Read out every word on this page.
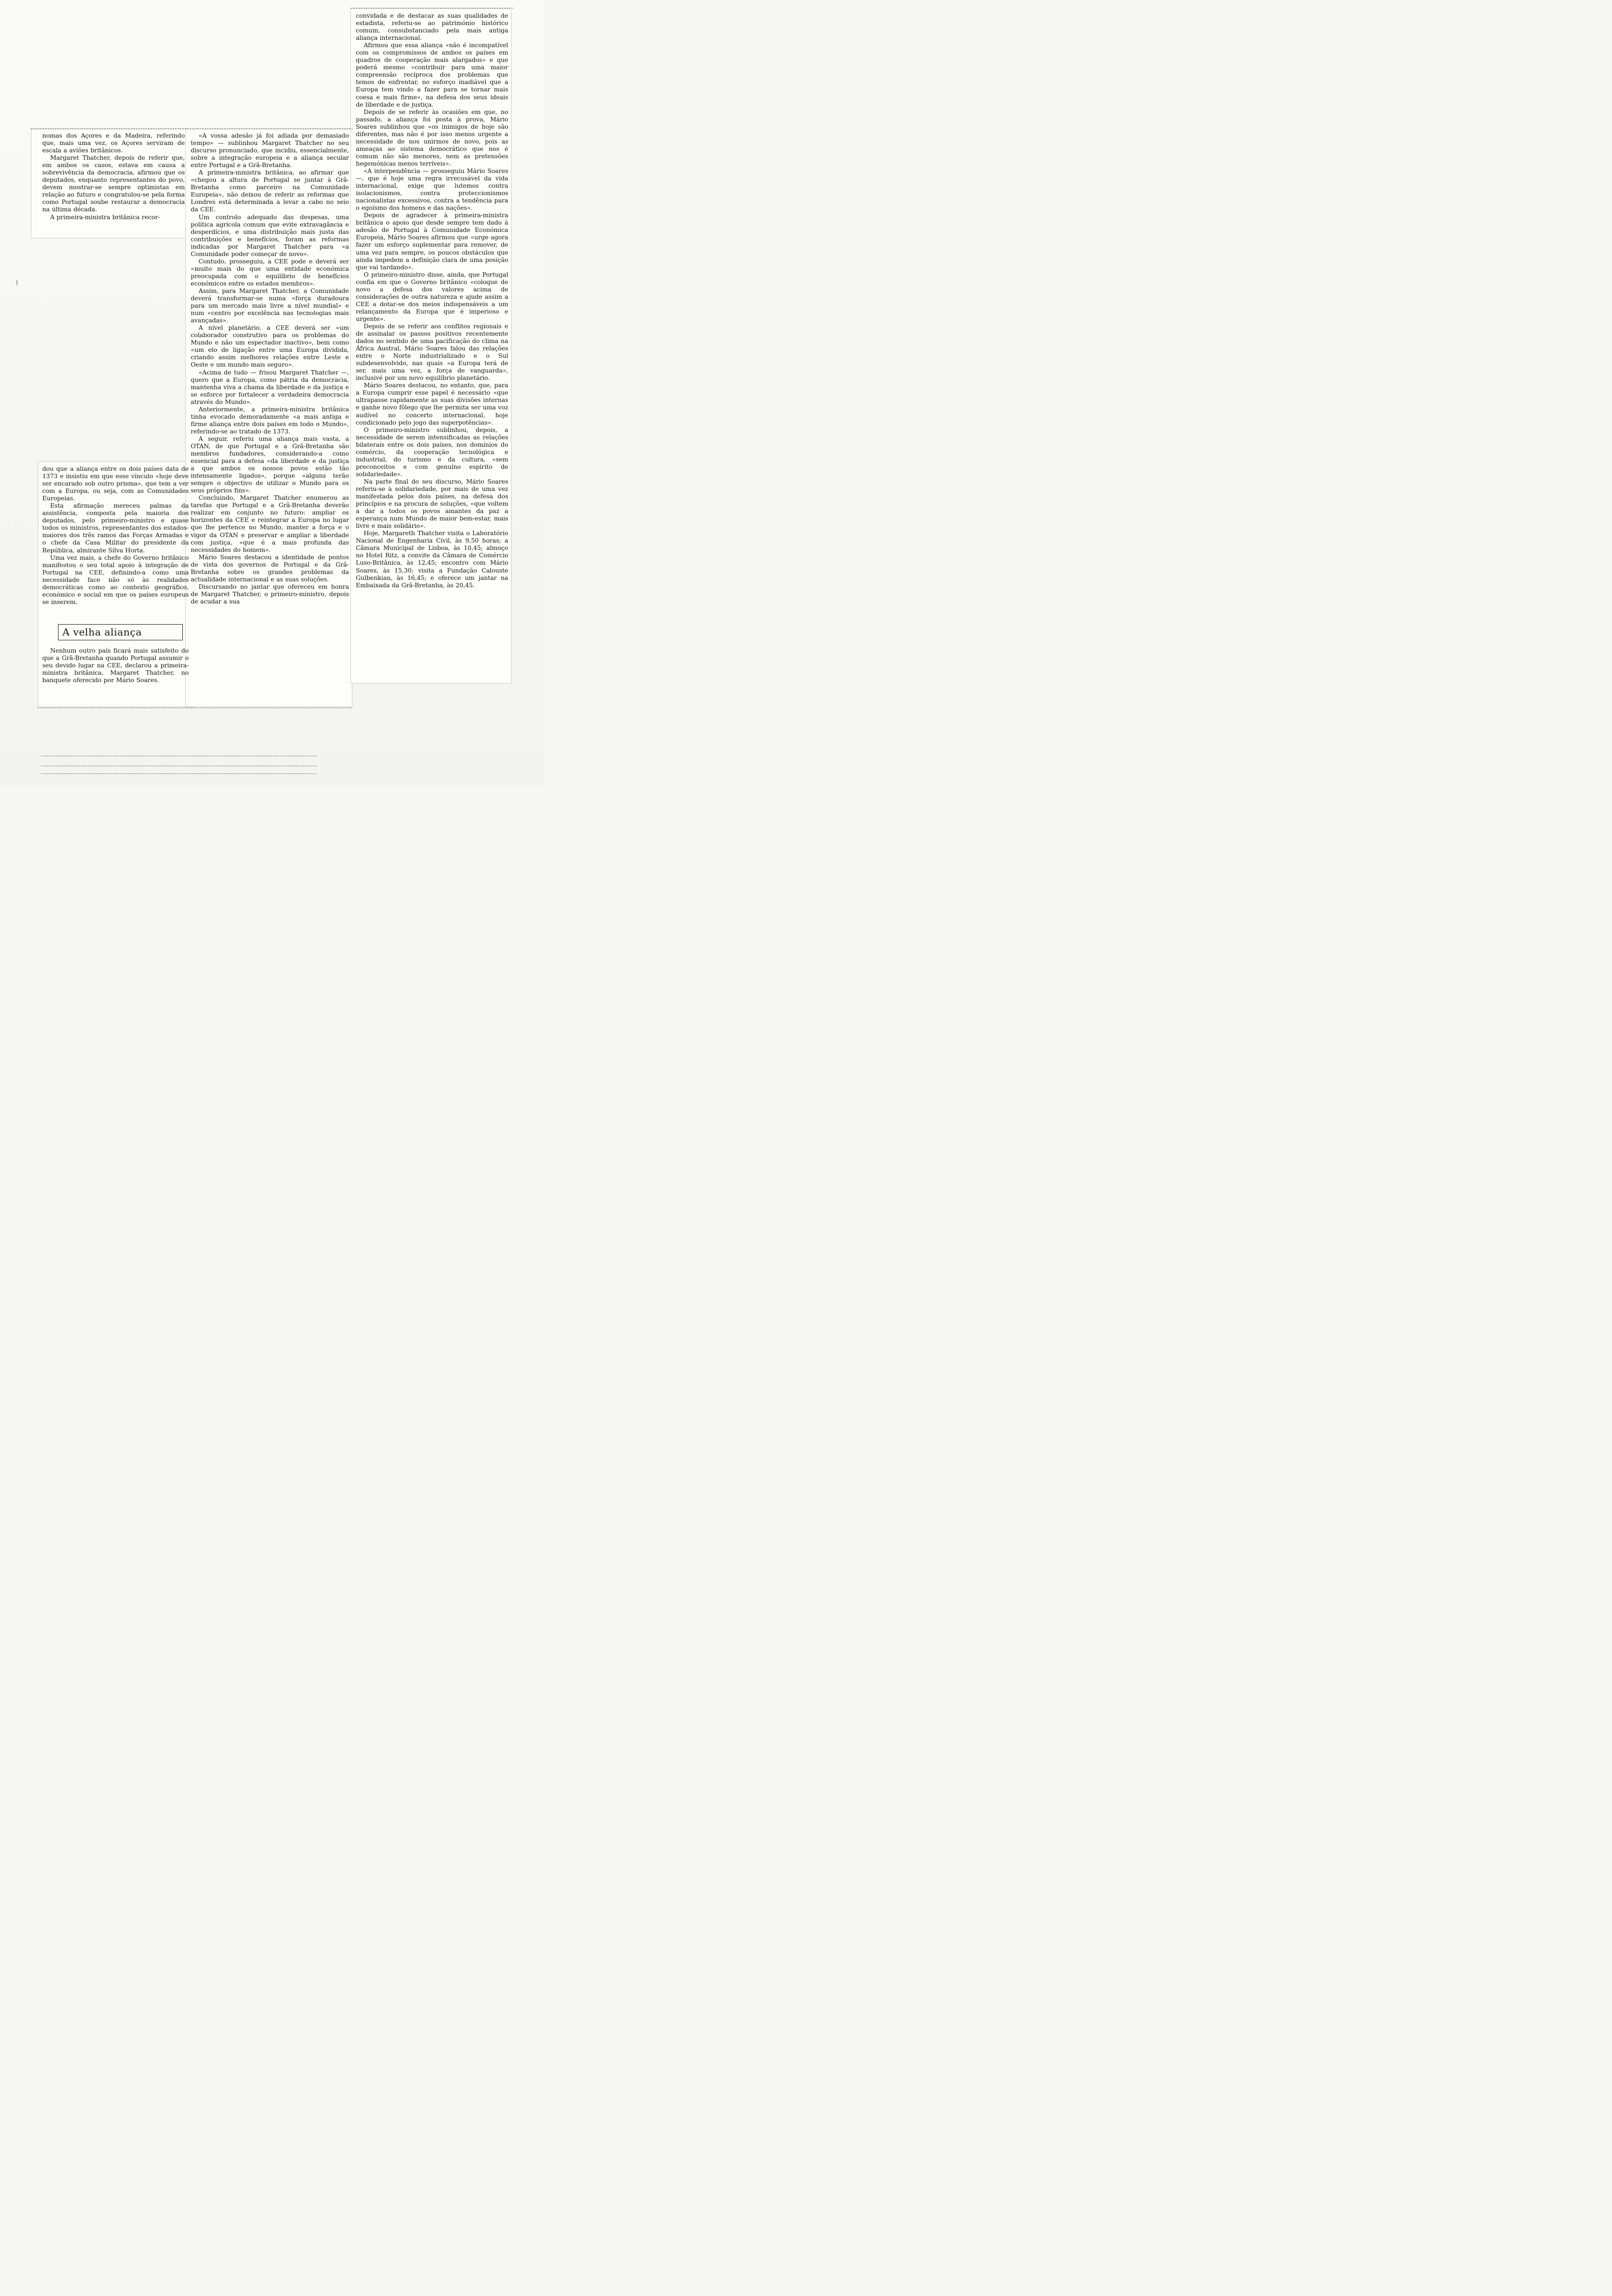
nomas dos Açores e da Madeira, referindo que, mais uma vez, os Açores serviram de escala a aviões britânicos.

Margaret Thatcher, depois de referir que, em ambos os casos, estava em causa a sobrevivência da democracia, afirmou que os deputados, enquanto representantes do povo, devem mostrar-se sempre optimistas em relação ao futuro e congratulou-se pela forma como Portugal soube restaurar a democracia na última década.

A primeira-ministra britânica recor-

dou que a aliança entre os dois países data de 1373 e insistiu em que esse vínculo «hoje deve ser encarado sob outro prisma», que tem a ver com a Europa, ou seja, com as Comunidades Europeias.

Esta afirmação mereceu palmas da assistência, composta pela maioria dos deputados, pelo primeiro-ministro e quase todos os ministros, representantes dos estados-maiores dos três ramos das Forças Armadas e o chefe da Casa Militar do presidente da República, almirante Silva Horta.

Uma vez mais, a chefe do Governo britânico manifestou o seu total apoio à integração de Portugal na CEE, definindo-a como uma necessidade face não só às realidades democráticas como ao contexto geográfico, económico e social em que os países europeus se inserem.

A velha aliança

Nenhum outro país ficará mais satisfeito do que a Grã-Bretanha quando Portugal assumir o seu devido lugar na CEE, declarou a primeira-ministra britânica, Margaret Thatcher, no banquete oferecido por Mário Soares.

«A vossa adesão já foi adiada por demasiado tempo» — sublinhou Margaret Thatcher no seu discurso pronunciado, que incidiu, essencialmente, sobre a integração europeia e a aliança secular entre Portugal e a Grã-Bretanha.

A primeira-ministra britânica, ao afirmar que «chegou a altura de Portugal se juntar à Grã-Bretanha como parceiro na Comunidade Europeia», não deixou de referir as reformas que Londres está determinada a levar a cabo no seio da CEE.

Um controlo adequado das despesas, uma política agrícola comum que evite extravagância e desperdícios, e uma distribuição mais justa das contribuições e benefícios, foram as reformas indicadas por Margaret Thatcher para «a Comunidade poder começar de novo».

Contudo, prosseguiu, a CEE pode e deverá ser «muito mais do que uma entidade económica preocupada com o equilíbrio de benefícios económicos entre os estados membros».

Assim, para Margaret Thatcher, a Comunidade deverá transformar-se numa «força duradoura para um mercado mais livre a nível mundial» e num «centro por excelência nas tecnologias mais avançadas».

A nível planetário, a CEE deverá ser «um colaborador construtivo para os problemas do Mundo e não um espectador inactivo», bem como «um elo de ligação entre uma Europa dividida, criando assim melhores relações entre Leste e Oeste e um mundo mais seguro».

«Acima de tudo — frisou Margaret Thatcher —, quero que a Europa, como pátria da democracia, mantenha viva a chama da liberdade e da justiça e se esforce por fortalecer a verdadeira democracia através do Mundo».

Anteriormente, a primeira-ministra britânica tinha evocado demoradamente «a mais antiga e firme aliança entre dois países em todo o Mundo», referindo-se ao tratado de 1373.

A seguir, referiu uma aliança mais vasta, a OTAN, de que Portugal e a Grã-Bretanha são membros fundadores, considerando-a como essencial para a defesa «da liberdade e da justiça a que ambos os nossos povos estão tão intensamente ligados», porque «alguns terão sempre o objectivo de utilizar o Mundo para os seus próprios fins».

Concluindo, Margaret Thatcher enumerou as tarefas que Portugal e a Grã-Bretanha deverão realizar em conjunto no futuro: ampliar os horizontes da CEE e reintegrar a Europa no lugar que lhe pertence no Mundo, manter a força e o vigor da OTAN e preservar e ampliar a liberdade com justiça, «que é a mais profunda das necessidades do homem».

Mário Soares destacou a identidade de pontos de vista dos governos de Portugal e da Grã-Bretanha sobre os grandes problemas da actualidade internacional e as suas soluções.

Discursando no jantar que ofereceu em honra de Margaret Thatcher, o primeiro-ministro, depois de acudar a sua

convidada e de destacar as suas qualidades de estadista, referiu-se ao património histórico comum, consubstanciado pela mais antiga aliança internacional.

Afirmou que essa aliança «não é incompatível com os compromissos de ambos os países em quadros de cooperação mais alargados» e que poderá mesmo «contribuir para uma maior compreensão recíproca dos problemas que temos de enfrentar, no esforço inadiável que a Europa tem vindo a fazer para se tornar mais coesa e mais firme», na defesa dos seus ideais de liberdade e de justiça.

Depois de se referir às ocasiões em que, no passado, a aliança foi posta à prova, Mário Soares sublinhou que «os inimigos de hoje são diferentes, mas não é por isso menos urgente a necessidade de nos unirmos de novo, pois as ameaças ao sistema democrático que nos é comum não são menores, nem as pretensões hegemónicas menos terríveis».

«A interpendência — prosseguiu Mário Soares —, que é hoje uma regra irrecusável da vida internacional, exige que lutemos contra isolacionismos, contra proteccionismos nacionalistas excessivos, contra a tendência para o egoísmo dos homens e das nações».

Depois de agradecer à primeira-ministra britânica o apoio que desde sempre tem dado à adesão de Portugal à Comunidade Económica Europeia, Mário Soares afirmou que «urge agora fazer um esforço suplementar para remover, de uma vez para sempre, os poucos obstáculos que ainda impedem a definição clara de uma posição que vai tardando».

O primeiro-ministro disse, ainda, que Portugal confia em que o Governo britânico «coloque de novo a defesa dos valores acima de considerações de outra natureza e ajude assim a CEE a dotar-se dos meios indispensáveis a um relançamento da Europa que é imperioso e urgente».

Depois de se referir aos conflitos regionais e de assinalar os passos positivos recentemente dados no sentido de uma pacificação do clima na África Austral, Mário Soares falou das relações entre o Norte industrializado e o Sul subdesenvolvido, nas quais «a Europa terá de ser, mais uma vez, a força de vanguarda», inclusivé por um novo equilíbrio planetário.

Mário Soares destacou, no entanto, que, para a Europa cumprir esse papel é necessário «que ultrapasse rapidamente as suas divisões internas e ganhe novo fôlego que lhe permita ser uma voz audível no concerto internacional, hoje condicionado pelo jogo das superpotências».

O primeiro-ministro sublinhou, depois, a necessidade de serem intensificadas as relações bilaterais entre os dois países, nos domínios do comércio, da cooperação tecnológica e industrial, do turismo e da cultura, «sem preconceitos e com genuíno espírito de solidariedade».

Na parte final do seu discurso, Mário Soares referiu-se à solidariedade, por mais de uma vez manifestada pelos dois países, na defesa dos princípios e na procura de soluções, «que voltem a dar a todos os povos amantes da paz a esperança num Mundo de maior bem-estar, mais livre e mais solidário».

Hoje, Margareth Thatcher visita o Laboratório Nacional de Engenharia Civil, às 9,50 horas; a Câmara Municipal de Lisboa, às 10,45; almoço no Hotel Ritz, a convite da Câmara de Comércio Luso-Britânica, às 12,45; encontro com Mário Soares, às 15,30; visita a Fundação Calouste Gulbenkian, às 16,45; e oferece um jantar na Embaixada da Grã-Bretanha, às 20,45.
